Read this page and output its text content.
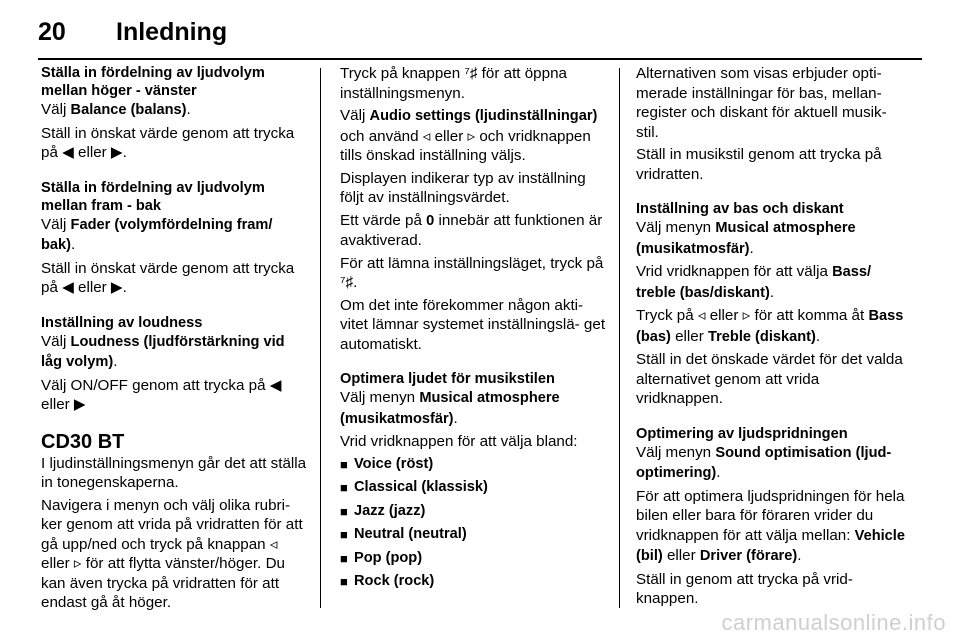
20	Inledning
Ställa in fördelning av ljudvolym mellan höger - vänster

Välj Balance (balans).

Ställ in önskat värde genom att trycka på ◀ eller ▶.

Ställa in fördelning av ljudvolym mellan fram - bak

Välj Fader (volymfördelning fram/ bak).

Ställ in önskat värde genom att trycka på ◀ eller ▶.

Inställning av loudness

Välj Loudness (ljudförstärkning vid låg volym).

Välj ON/OFF genom att trycka på ◀ eller ▶

CD30 BT

I ljudinställningsmenyn går det att ställa in tonegenskaperna.

Navigera i menyn och välj olika rubri- ker genom att vrida på vridratten för att gå upp/ned och tryck på knappan ◃ eller ▹ för att flytta vänster/höger. Du kan även trycka på vridratten för att endast gå åt höger.

Tryck på knappen ⁷♯ för att öppna inställningsmenyn.

Välj Audio settings (ljudinställningar) och använd ◃ eller ▹ och vridknappen tills önskad inställning väljs.

Displayen indikerar typ av inställning följt av inställningsvärdet.

Ett värde på 0 innebär att funktionen är avaktiverad.

För att lämna inställningsläget, tryck på ⁷♯.

Om det inte förekommer någon akti- vitet lämnar systemet inställningslä- get automatiskt.

Optimera ljudet för musikstilen

Välj menyn Musical atmosphere (musikatmosfär).

Vrid vridknappen för att välja bland:

■ Voice (röst)
■ Classical (klassisk)
■ Jazz (jazz)
■ Neutral (neutral)
■ Pop (pop)
■ Rock (rock)

Alternativen som visas erbjuder opti- merade inställningar för bas, mellan- register och diskant för aktuell musik- stil.

Ställ in musikstil genom att trycka på vridratten.

Inställning av bas och diskant

Välj menyn Musical atmosphere (musikatmosfär).

Vrid vridknappen för att välja Bass/ treble (bas/diskant).

Tryck på ◃ eller ▹ för att komma åt Bass (bas) eller Treble (diskant).

Ställ in det önskade värdet för det valda alternativet genom att vrida vridknappen.

Optimering av ljudspridningen

Välj menyn Sound optimisation (ljud- optimering).

För att optimera ljudspridningen för hela bilen eller bara för föraren vrider du vridknappen för att välja mellan: Vehicle (bil) eller Driver (förare).

Ställ in genom att trycka på vrid- knappen.

carmanualsonline.info
